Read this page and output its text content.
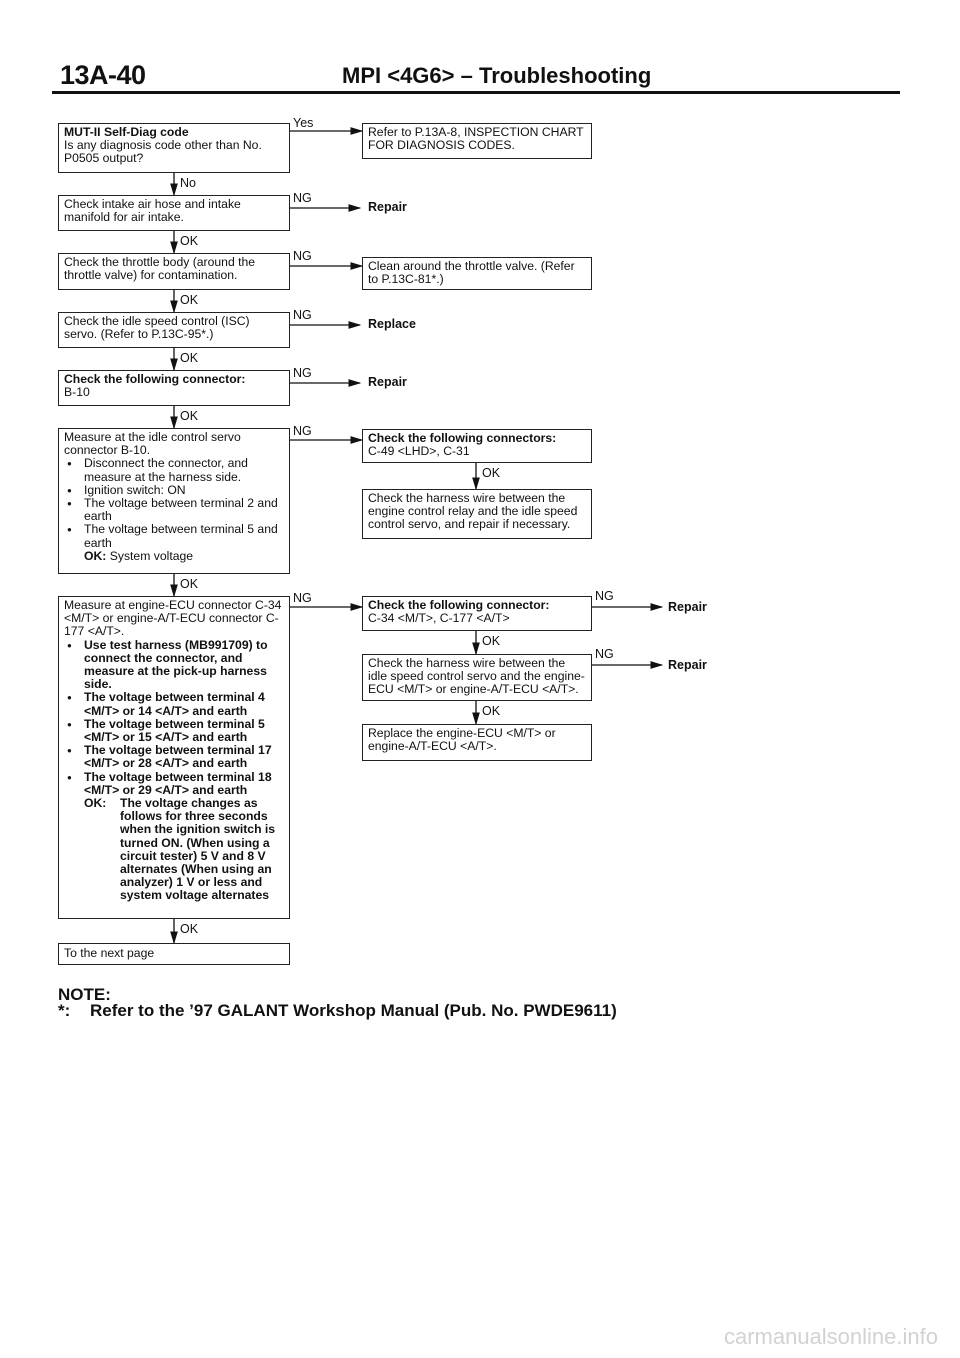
13A-40	MPI <4G6> – Troubleshooting
Yes
No
NG
OK
NG
OK
NG
OK
NG
OK
NG
OK
OK
NG	NG
OK
NG
OK
OK
MUT-II Self-Diag code
Is any diagnosis code other than No. P0505 output?
Check intake air hose and intake manifold for air intake.
Check the throttle body (around the throttle valve) for contamination.
Check the idle speed control (ISC) servo. (Refer to P.13C-95*.)
Check the following connector:
B-10
Measure at the idle control servo connector B-10.
● Disconnect the connector, and measure at the harness side.
● Ignition switch: ON
● The voltage between terminal 2 and earth
● The voltage between terminal 5 and earth
OK: System voltage
Measure at engine-ECU connector C-34 <M/T> or engine-A/T-ECU connector C-177 <A/T>.
● Use test harness (MB991709) to connect the connector, and measure at the pick-up harness side.
● The voltage between terminal 4 <M/T> or 14 <A/T> and earth
● The voltage between terminal 5 <M/T> or 15 <A/T> and earth
● The voltage between terminal 17 <M/T> or 28 <A/T> and earth
● The voltage between terminal 18 <M/T> or 29 <A/T> and earth
OK:	The voltage changes as follows for three seconds when the ignition switch is turned ON. (When using a circuit tester) 5 V and 8 V alternates (When using an analyzer) 1 V or less and system voltage alternates
To the next page
Refer to P.13A-8, INSPECTION CHART FOR DIAGNOSIS CODES.
Repair
Clean around the throttle valve. (Refer to P.13C-81*.)
Replace
Repair
Check the following connectors:
C-49 <LHD>, C-31
Check the harness wire between the engine control relay and the idle speed control servo, and repair if necessary.
Check the following connector:
C-34 <M/T>, C-177 <A/T>
Check the harness wire between the idle speed control servo and the engine-ECU <M/T> or engine-A/T-ECU <A/T>.
Replace the engine-ECU <M/T> or engine-A/T-ECU <A/T>.
Repair
Repair
NOTE:
*: Refer to the ’97 GALANT Workshop Manual (Pub. No. PWDE9611)
carmanualsonline.info
